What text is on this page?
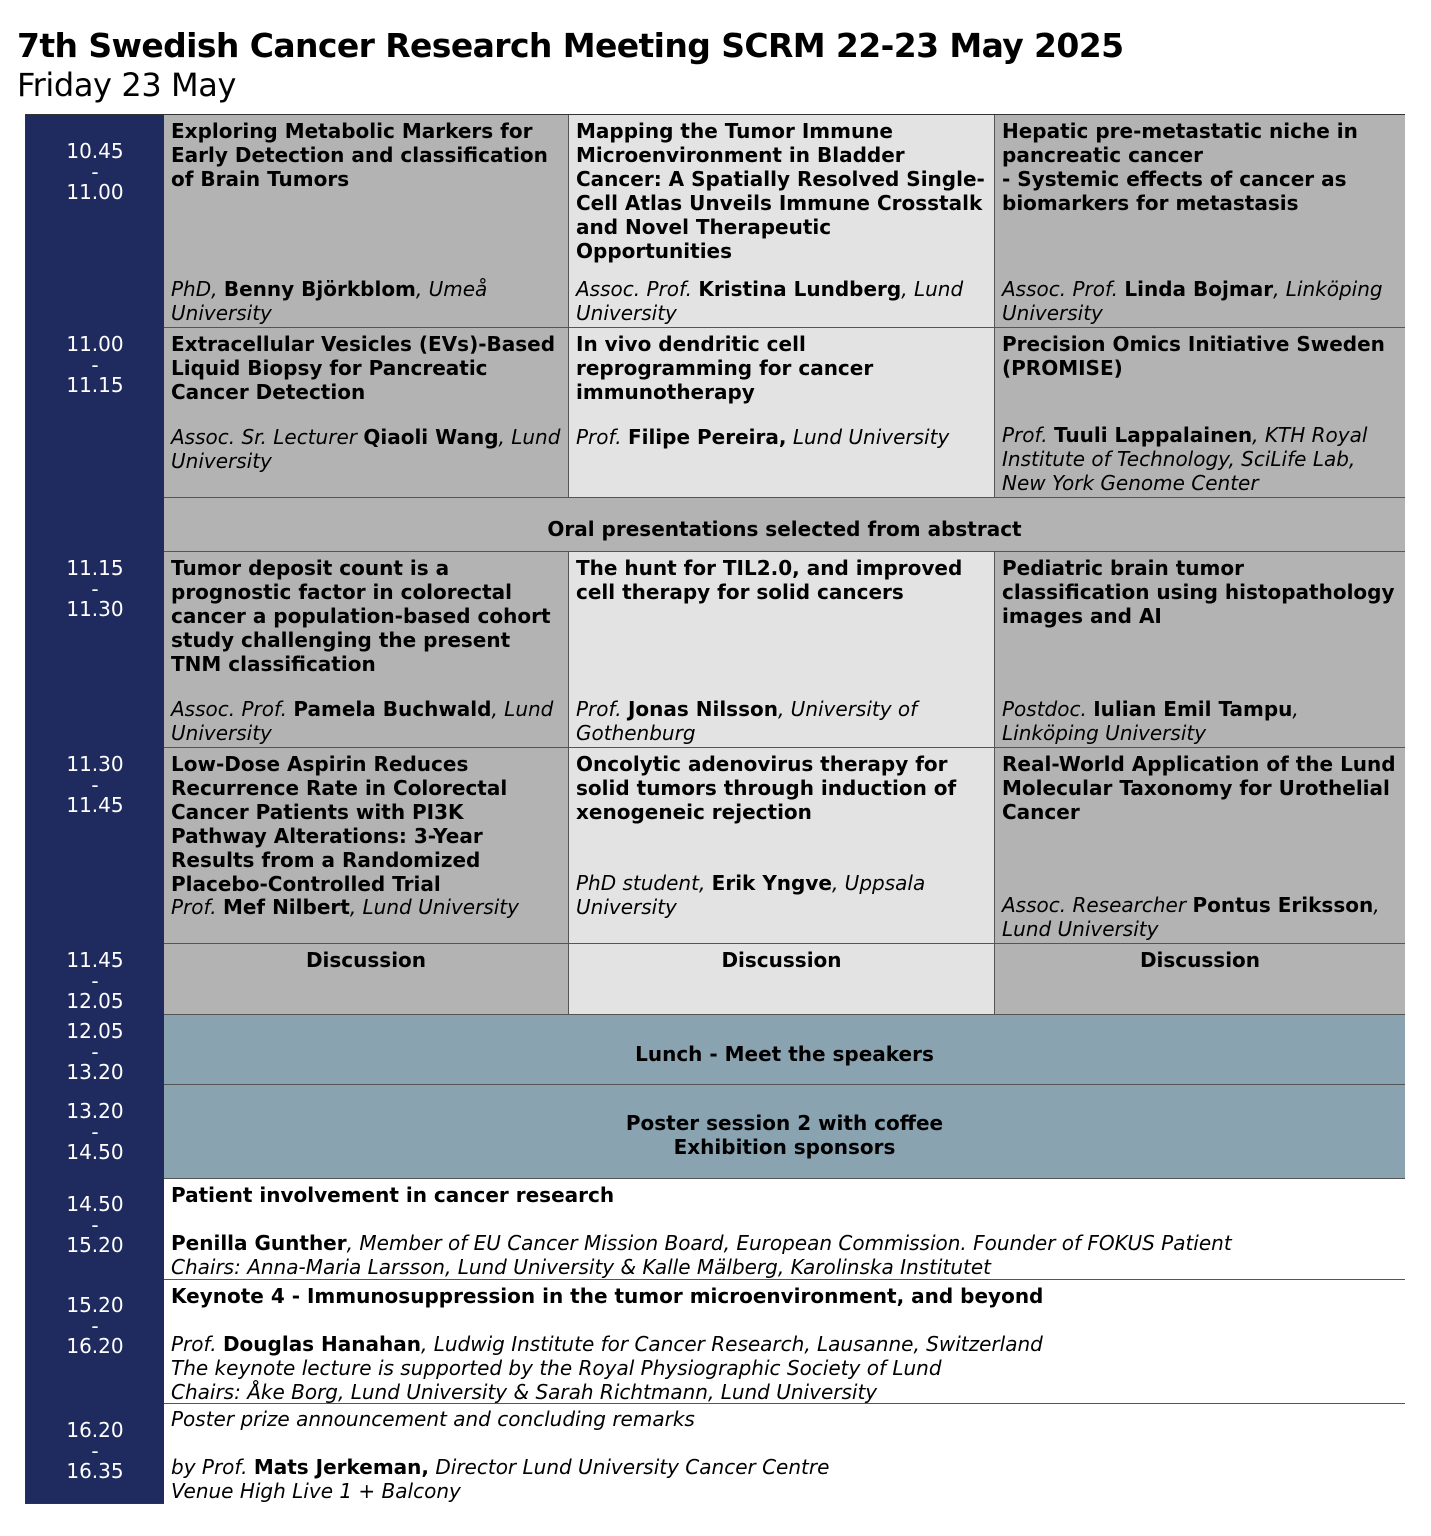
7th Swedish Cancer Research Meeting SCRM 22-23 May 2025
Friday 23 May
10.45
-
11.00
11.00
-
11.15
11.15
-
11.30
11.30
-
11.45
11.45
-
12.05
12.05
-
13.20
13.20
-
14.50
14.50
-
15.20
15.20
-
16.20
16.20
-
16.35
Exploring Metabolic Markers for Early Detection and classification of Brain Tumors
PhD, Benny Björkblom, Umeå University
Mapping the Tumor Immune Microenvironment in Bladder Cancer: A Spatially Resolved Single-Cell Atlas Unveils Immune Crosstalk and Novel Therapeutic Opportunities
Assoc. Prof. Kristina Lundberg, Lund University
Hepatic pre-metastatic niche in pancreatic cancer
- Systemic effects of cancer as biomarkers for metastasis
Assoc. Prof. Linda Bojmar, Linköping University
Extracellular Vesicles (EVs)-Based Liquid Biopsy for Pancreatic Cancer Detection
Assoc. Sr. Lecturer Qiaoli Wang, Lund University
In vivo dendritic cell reprogramming for cancer immunotherapy
Prof. Filipe Pereira, Lund University
Precision Omics Initiative Sweden (PROMISE)
Prof. Tuuli Lappalainen, KTH Royal Institute of Technology, SciLife Lab, New York Genome Center
Oral presentations selected from abstract
Tumor deposit count is a prognostic factor in colorectal cancer a population-based cohort study challenging the present TNM classification
Assoc. Prof. Pamela Buchwald, Lund University
The hunt for TIL2.0, and improved cell therapy for solid cancers
Prof. Jonas Nilsson, University of Gothenburg
Pediatric brain tumor classification using histopathology images and AI
Postdoc. Iulian Emil Tampu, Linköping University
Low-Dose Aspirin Reduces Recurrence Rate in Colorectal Cancer Patients with PI3K Pathway Alterations: 3-Year Results from a Randomized Placebo-Controlled Trial
Prof. Mef Nilbert, Lund University
Oncolytic adenovirus therapy for solid tumors through induction of xenogeneic rejection
PhD student, Erik Yngve, Uppsala University
Real-World Application of the Lund Molecular Taxonomy for Urothelial Cancer
Assoc. Researcher Pontus Eriksson, Lund University
Discussion	Discussion	Discussion
Lunch - Meet the speakers
Poster session 2 with coffee
Exhibition sponsors
Patient involvement in cancer research
Penilla Gunther, Member of EU Cancer Mission Board, European Commission. Founder of FOKUS Patient
Chairs: Anna-Maria Larsson, Lund University & Kalle Mälberg, Karolinska Institutet
Keynote 4 - Immunosuppression in the tumor microenvironment, and beyond
Prof. Douglas Hanahan, Ludwig Institute for Cancer Research, Lausanne, Switzerland
The keynote lecture is supported by the Royal Physiographic Society of Lund
Chairs: Åke Borg, Lund University & Sarah Richtmann, Lund University
Poster prize announcement and concluding remarks
by Prof. Mats Jerkeman, Director Lund University Cancer Centre
Venue High Live 1 + Balcony
